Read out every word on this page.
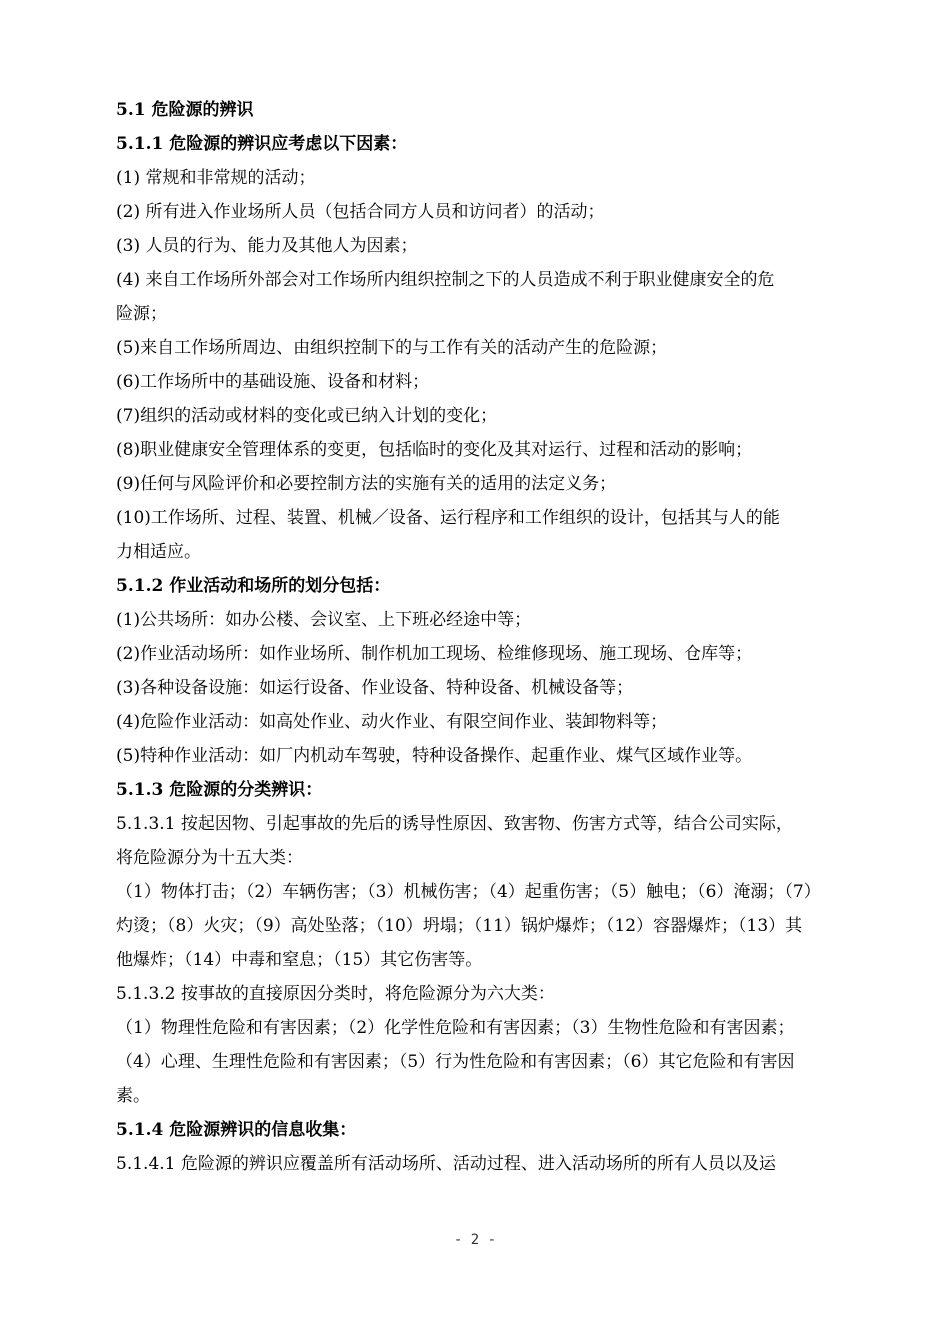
5.1 危险源的辨识
5.1.1 危险源的辨识应考虑以下因素：
(1) 常规和非常规的活动；
(2) 所有进入作业场所人员（包括合同方人员和访问者）的活动；
(3) 人员的行为、能力及其他人为因素；
(4) 来自工作场所外部会对工作场所内组织控制之下的人员造成不利于职业健康安全的危
险源；
(5)来自工作场所周边、由组织控制下的与工作有关的活动产生的危险源；
(6)工作场所中的基础设施、设备和材料；
(7)组织的活动或材料的变化或已纳入计划的变化；
(8)职业健康安全管理体系的变更，包括临时的变化及其对运行、过程和活动的影响；
(9)任何与风险评价和必要控制方法的实施有关的适用的法定义务；
(10)工作场所、过程、装置、机械／设备、运行程序和工作组织的设计，包括其与人的能
力相适应。
5.1.2 作业活动和场所的划分包括：
(1)公共场所：如办公楼、会议室、上下班必经途中等；
(2)作业活动场所：如作业场所、制作机加工现场、检维修现场、施工现场、仓库等；
(3)各种设备设施：如运行设备、作业设备、特种设备、机械设备等；
(4)危险作业活动：如高处作业、动火作业、有限空间作业、装卸物料等；
(5)特种作业活动：如厂内机动车驾驶，特种设备操作、起重作业、煤气区域作业等。
5.1.3 危险源的分类辨识：
5.1.3.1 按起因物、引起事故的先后的诱导性原因、致害物、伤害方式等，结合公司实际，
将危险源分为十五大类：
（1）物体打击；（2）车辆伤害；（3）机械伤害；（4）起重伤害；（5）触电；（6）淹溺；（7）
灼烫；（8）火灾；（9）高处坠落；（10）坍塌；（11）锅炉爆炸；（12）容器爆炸；（13）其
他爆炸；（14）中毒和窒息；（15）其它伤害等。
5.1.3.2 按事故的直接原因分类时，将危险源分为六大类：
（1）物理性危险和有害因素；（2）化学性危险和有害因素；（3）生物性危险和有害因素；
（4）心理、生理性危险和有害因素；（5）行为性危险和有害因素；（6）其它危险和有害因
素。
5.1.4 危险源辨识的信息收集：
5.1.4.1 危险源的辨识应覆盖所有活动场所、活动过程、进入活动场所的所有人员以及运
- 2 -
